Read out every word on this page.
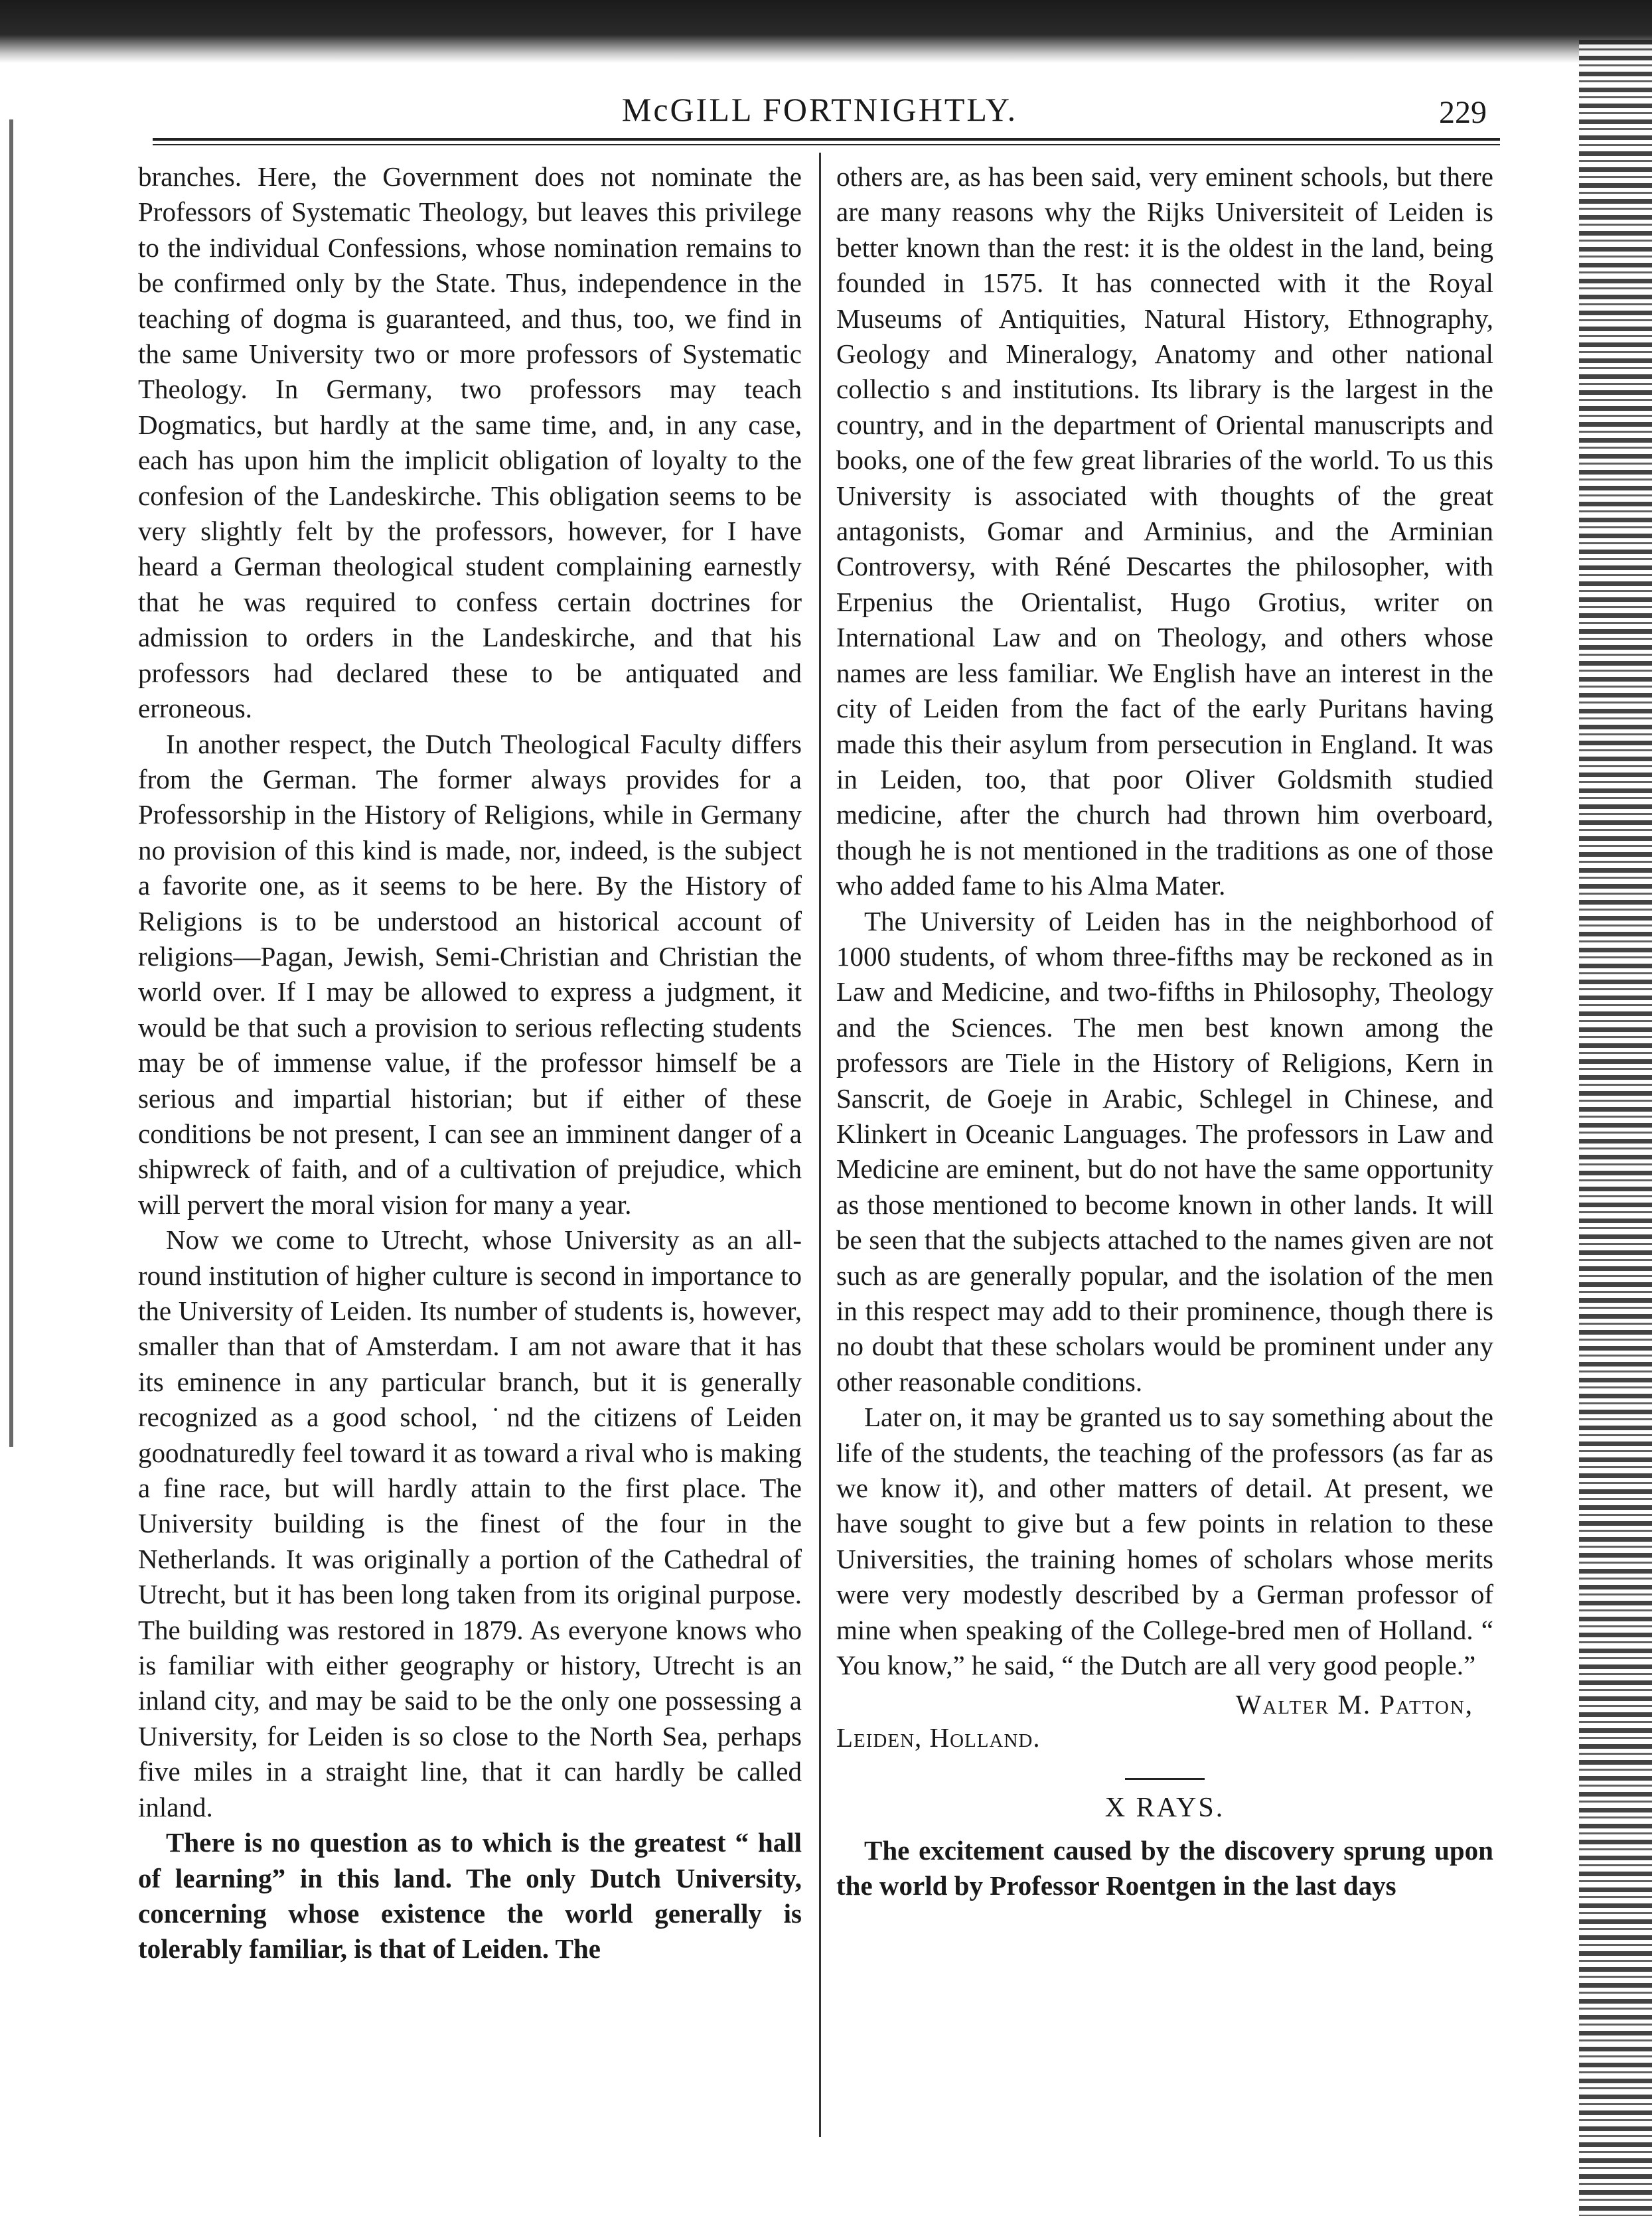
McGILL FORTNIGHTLY.	229

branches. Here, the Government does not nominate the Professors of Systematic Theology, but leaves this privilege to the individual Confessions, whose nomination remains to be confirmed only by the State. Thus, independence in the teaching of dogma is guaranteed, and thus, too, we find in the same University two or more professors of Systematic Theology. In Germany, two professors may teach Dogmatics, but hardly at the same time, and, in any case, each has upon him the implicit obligation of loyalty to the confesion of the Landeskirche. This obligation seems to be very slightly felt by the professors, however, for I have heard a German theological student complaining earnestly that he was required to confess certain doctrines for admission to orders in the Landeskirche, and that his professors had declared these to be antiquated and erroneous.

In another respect, the Dutch Theological Faculty differs from the German. The former always provides for a Professorship in the History of Religions, while in Germany no provision of this kind is made, nor, indeed, is the subject a favorite one, as it seems to be here. By the History of Religions is to be understood an historical account of religions—Pagan, Jewish, Semi-Christian and Christian the world over. If I may be allowed to express a judgment, it would be that such a provision to serious reflecting students may be of immense value, if the professor himself be a serious and impartial historian; but if either of these conditions be not present, I can see an imminent danger of a shipwreck of faith, and of a cultivation of prejudice, which will pervert the moral vision for many a year.

Now we come to Utrecht, whose University as an all-round institution of higher culture is second in importance to the University of Leiden. Its number of students is, however, smaller than that of Amsterdam. I am not aware that it has its eminence in any particular branch, but it is generally recognized as a good school, ˙nd the citizens of Leiden goodnaturedly feel toward it as toward a rival who is making a fine race, but will hardly attain to the first place. The University building is the finest of the four in the Netherlands. It was originally a portion of the Cathedral of Utrecht, but it has been long taken from its original purpose. The building was restored in 1879. As everyone knows who is familiar with either geography or history, Utrecht is an inland city, and may be said to be the only one possessing a University, for Leiden is so close to the North Sea, perhaps five miles in a straight line, that it can hardly be called inland.

There is no question as to which is the greatest “ hall of learning” in this land. The only Dutch University, concerning whose existence the world generally is tolerably familiar, is that of Leiden. The

others are, as has been said, very eminent schools, but there are many reasons why the Rijks Universiteit of Leiden is better known than the rest: it is the oldest in the land, being founded in 1575. It has connected with it the Royal Museums of Antiquities, Natural History, Ethnography, Geology and Mineralogy, Anatomy and other national collectio s and institutions. Its library is the largest in the country, and in the department of Oriental manuscripts and books, one of the few great libraries of the world. To us this University is associated with thoughts of the great antagonists, Gomar and Arminius, and the Arminian Controversy, with Réné Descartes the philosopher, with Erpenius the Orientalist, Hugo Grotius, writer on International Law and on Theology, and others whose names are less familiar. We English have an interest in the city of Leiden from the fact of the early Puritans having made this their asylum from persecution in England. It was in Leiden, too, that poor Oliver Goldsmith studied medicine, after the church had thrown him overboard, though he is not mentioned in the traditions as one of those who added fame to his Alma Mater.

The University of Leiden has in the neighborhood of 1000 students, of whom three-fifths may be reckoned as in Law and Medicine, and two-fifths in Philosophy, Theology and the Sciences. The men best known among the professors are Tiele in the History of Religions, Kern in Sanscrit, de Goeje in Arabic, Schlegel in Chinese, and Klinkert in Oceanic Languages. The professors in Law and Medicine are eminent, but do not have the same opportunity as those mentioned to become known in other lands. It will be seen that the subjects attached to the names given are not such as are generally popular, and the isolation of the men in this respect may add to their prominence, though there is no doubt that these scholars would be prominent under any other reasonable conditions.

Later on, it may be granted us to say something about the life of the students, the teaching of the professors (as far as we know it), and other matters of detail. At present, we have sought to give but a few points in relation to these Universities, the training homes of scholars whose merits were very modestly described by a German professor of mine when speaking of the College-bred men of Holland. “ You know,” he said, “ the Dutch are all very good people.”

Walter M. Patton,
Leiden, Holland.
X RAYS.

The excitement caused by the discovery sprung upon the world by Professor Roentgen in the last days
